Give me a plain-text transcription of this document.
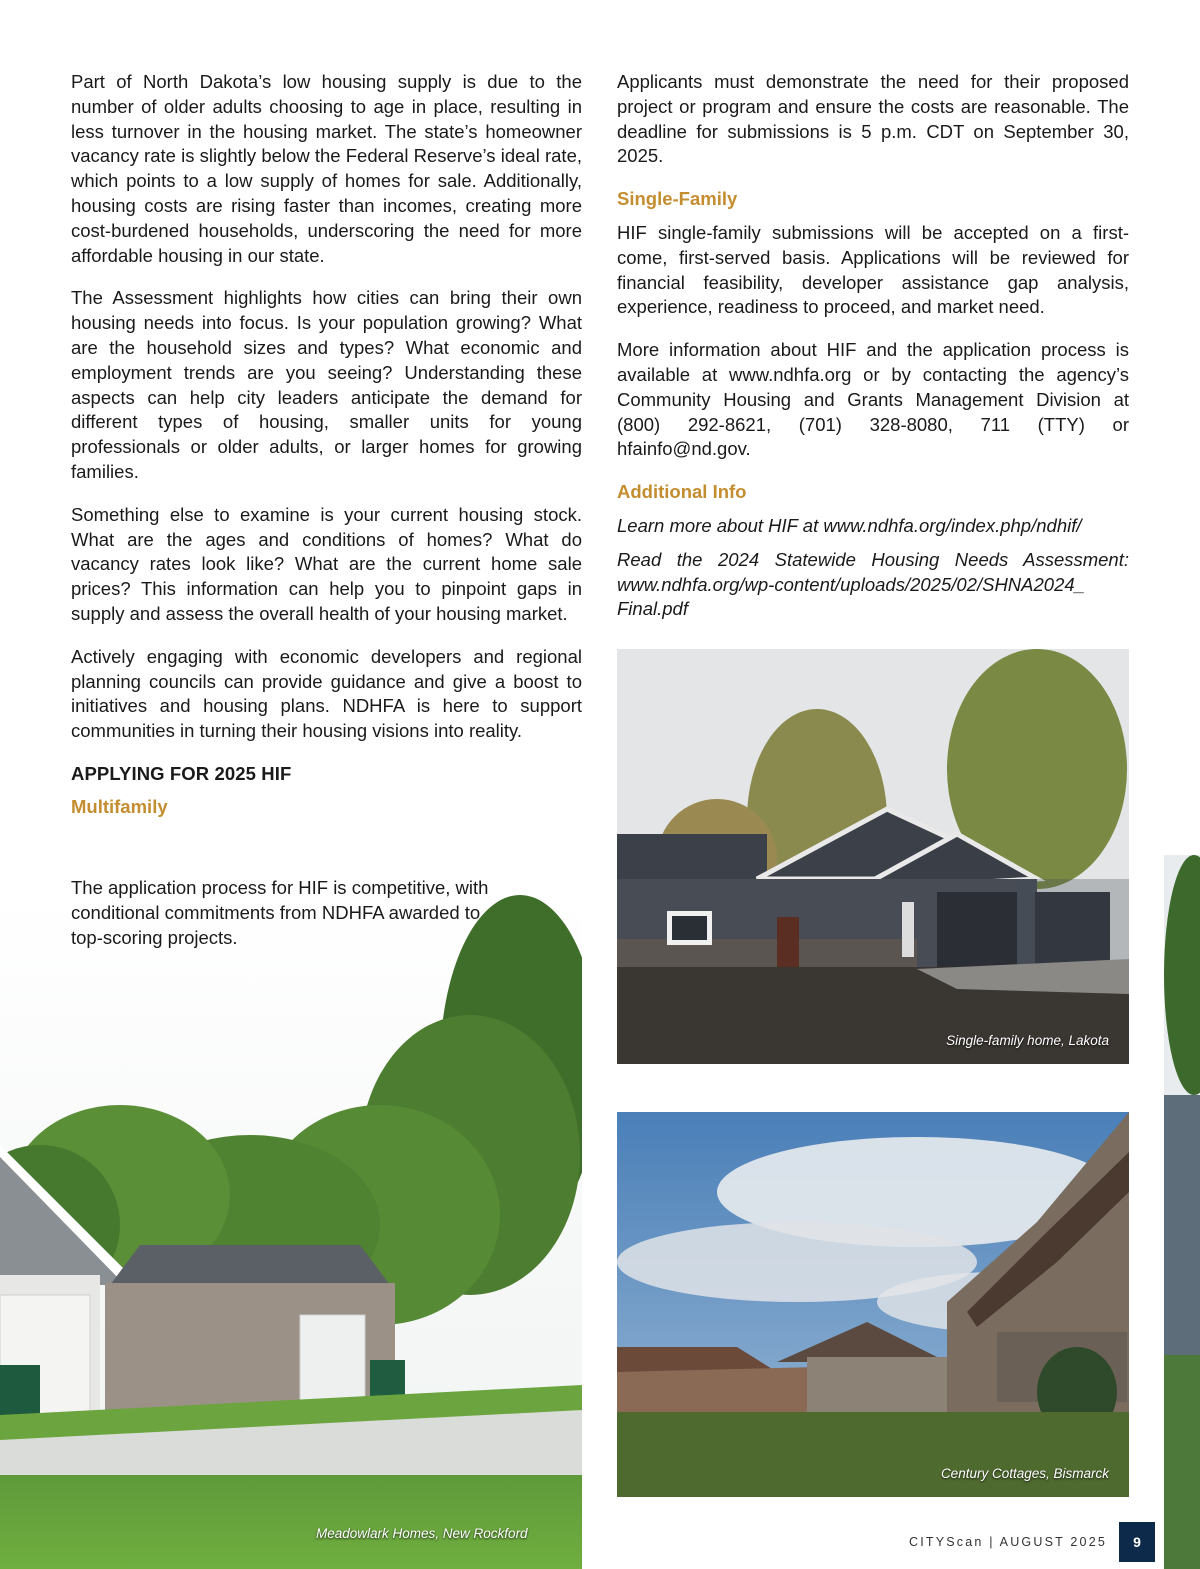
Part of North Dakota’s low housing supply is due to the number of older adults choosing to age in place, resulting in less turnover in the housing market. The state’s homeowner vacancy rate is slightly below the Federal Reserve’s ideal rate, which points to a low supply of homes for sale. Additionally, housing costs are rising faster than incomes, creating more cost-burdened households, underscoring the need for more affordable housing in our state.

The Assessment highlights how cities can bring their own housing needs into focus. Is your population growing? What are the household sizes and types? What economic and employment trends are you seeing? Understanding these aspects can help city leaders anticipate the demand for different types of housing, smaller units for young professionals or older adults, or larger homes for growing families.

Something else to examine is your current housing stock. What are the ages and conditions of homes? What do vacancy rates look like? What are the current home sale prices? This information can help you to pinpoint gaps in supply and assess the overall health of your housing market.

Actively engaging with economic developers and regional planning councils can provide guidance and give a boost to initiatives and housing plans. NDHFA is here to support communities in turning their housing visions into reality.

APPLYING FOR 2025 HIF
Multifamily

The application process for HIF is competitive, with conditional commitments from NDHFA awarded to top-scoring projects.

Meadowlark Homes, New Rockford

Applicants must demonstrate the need for their proposed project or program and ensure the costs are reasonable. The deadline for submissions is 5 p.m. CDT on September 30, 2025.

Single-Family

HIF single-family submissions will be accepted on a first-come, first-served basis. Applications will be reviewed for financial feasibility, developer assistance gap analysis, experience, readiness to proceed, and market need.

More information about HIF and the application process is available at www.ndhfa.org or by contacting the agency’s Community Housing and Grants Management Division at (800) 292-8621, (701) 328-8080, 711 (TTY) or hfainfo@nd.gov.

Additional Info

Learn more about HIF at www.ndhfa.org/index.php/ndhif/

Read the 2024 Statewide Housing Needs Assessment: www.ndhfa.org/wp-content/uploads/2025/02/SHNA2024_ Final.pdf

Single-family home, Lakota
Century Cottages, Bismarck
CITYScan | AUGUST 2025	9
